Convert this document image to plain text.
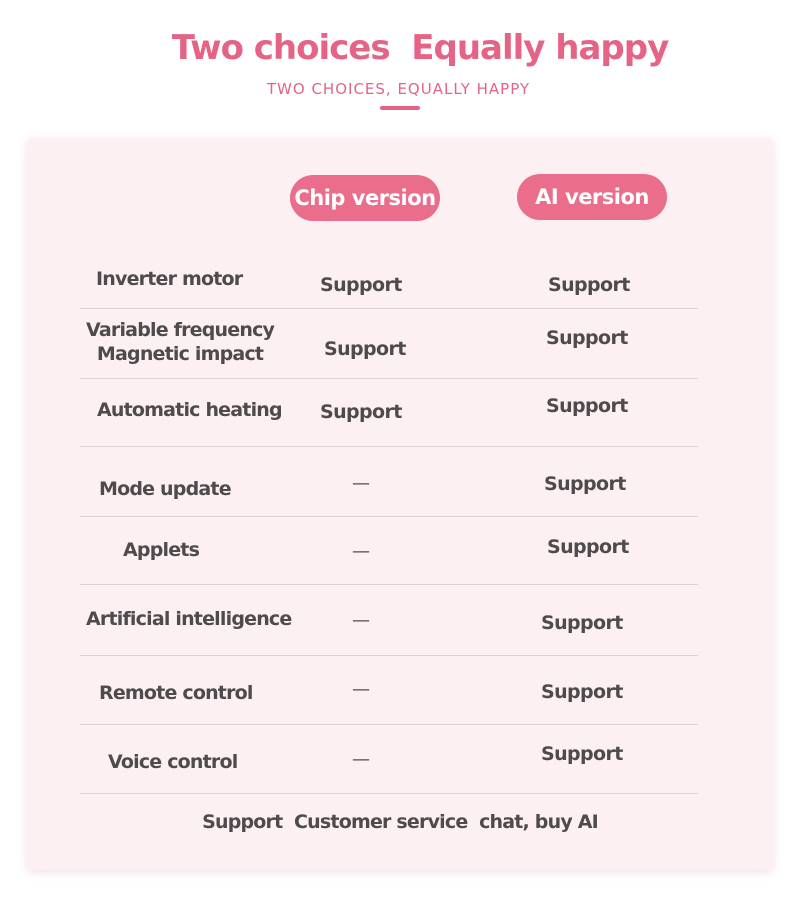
Two choices  Equally happy
TWO CHOICES, EQUALLY HAPPY
Chip version	AI version
Inverter motor	Support	Support
Variable frequency
Magnetic impact	Support	Support
Automatic heating Support	Support
Mode update	—	Support
Applets	—	Support
Artificial intelligence	—	Support
Remote control	—	Support
Voice control	—	Support
Support  Customer service  chat, buy AI
